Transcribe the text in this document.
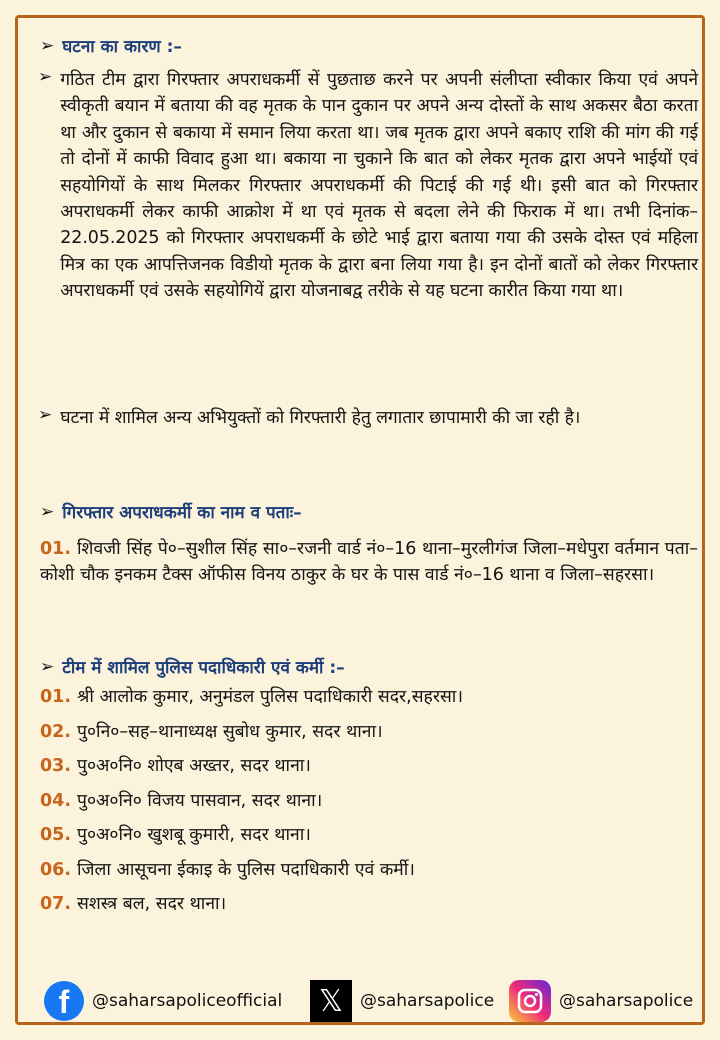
➢ घटना का कारण :–
➢ गठित टीम द्वारा गिरफ्तार अपराधकर्मी सें पुछताछ करने पर अपनी संलीप्ता स्वीकार किया एवं अपने स्वीकृती बयान में बताया की वह मृतक के पान दुकान पर अपने अन्य दोस्तों के साथ अकसर बैठा करता था और दुकान से बकाया में समान लिया करता था। जब मृतक द्वारा अपने बकाए राशि की मांग की गई तो दोनों में काफी विवाद हुआ था। बकाया ना चुकाने कि बात को लेकर मृतक द्वारा अपने भाईयों एवं सहयोगियों के साथ मिलकर गिरफ्तार अपराधकर्मी की पिटाई की गई थी। इसी बात को गिरफ्तार अपराधकर्मी लेकर काफी आक्रोश में था एवं मृतक से बदला लेने की फिराक में था। तभी दिनांक–22.05.2025 को गिरफ्तार अपराधकर्मी के छोटे भाई द्वारा बताया गया की उसके दोस्त एवं महिला मित्र का एक आपत्तिजनक विडीयो मृतक के द्वारा बना लिया गया है। इन दोनों बातों को लेकर गिरफ्तार अपराधकर्मी एवं उसके सहयोगियें द्वारा योजनाबद्व तरीके से यह घटना कारीत किया गया था।
➢ घटना में शामिल अन्य अभियुक्तों को गिरफ्तारी हेतु लगातार छापामारी की जा रही है।
➢ गिरफ्तार अपराधकर्मी का नाम व पताः–
01. शिवजी सिंह पे०–सुशील सिंह सा०–रजनी वार्ड नं०–16 थाना–मुरलीगंज जिला–मधेपुरा वर्तमान पता–कोशी चौक इनकम टैक्स ऑफीस विनय ठाकुर के घर के पास वार्ड नं०–16 थाना व जिला–सहरसा।
➢ टीम में शामिल पुलिस पदाधिकारी एवं कर्मी :–
01. श्री आलोक कुमार, अनुमंडल पुलिस पदाधिकारी सदर,सहरसा।
02. पु०नि०–सह–थानाध्यक्ष सुबोध कुमार, सदर थाना।
03. पु०अ०नि० शोएब अख्तर, सदर थाना।
04. पु०अ०नि० विजय पासवान, सदर थाना।
05. पु०अ०नि० खुशबू कुमारी, सदर थाना।
06. जिला आसूचना ईकाइ के पुलिस पदाधिकारी एवं कर्मी।
07. सशस्त्र बल, सदर थाना।
f	@saharsapoliceofficial 𝕏 @saharsapolice	@saharsapolice
